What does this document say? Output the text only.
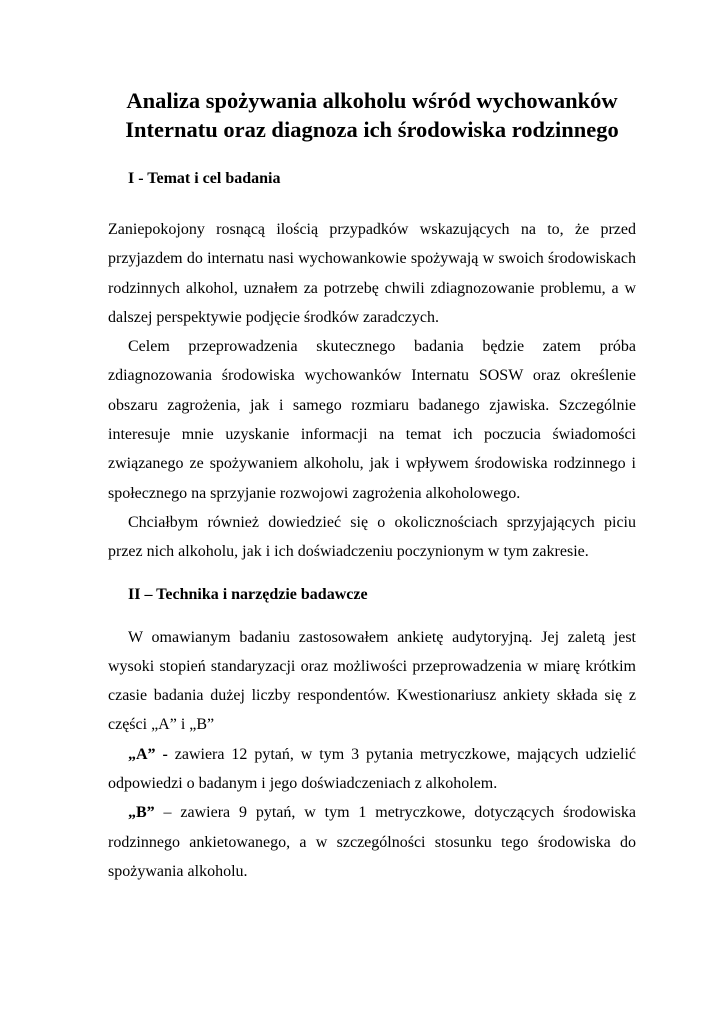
Analiza spożywania alkoholu wśród wychowanków
Internatu oraz diagnoza ich środowiska rodzinnego
I - Temat i cel badania

Zaniepokojony rosnącą ilością przypadków wskazujących na to, że przed przyjazdem do internatu nasi wychowankowie spożywają w swoich środowiskach rodzinnych alkohol, uznałem za potrzebę chwili zdiagnozowanie problemu, a w dalszej perspektywie podjęcie środków zaradczych.

Celem przeprowadzenia skutecznego badania będzie zatem próba zdiagnozowania środowiska wychowanków Internatu SOSW oraz określenie obszaru zagrożenia, jak i samego rozmiaru badanego zjawiska. Szczególnie interesuje mnie uzyskanie informacji na temat ich poczucia świadomości związanego ze spożywaniem alkoholu, jak i wpływem środowiska rodzinnego i społecznego na sprzyjanie rozwojowi zagrożenia alkoholowego.

Chciałbym również dowiedzieć się o okolicznościach sprzyjających piciu przez nich alkoholu, jak i ich doświadczeniu poczynionym w tym zakresie.

II – Technika i narzędzie badawcze

W omawianym badaniu zastosowałem ankietę audytoryjną. Jej zaletą jest wysoki stopień standaryzacji oraz możliwości przeprowadzenia w miarę krótkim czasie badania dużej liczby respondentów. Kwestionariusz ankiety składa się z części „A” i „B”

„A” - zawiera 12 pytań, w tym 3 pytania metryczkowe, mających udzielić odpowiedzi o badanym i jego doświadczeniach z alkoholem.

„B” – zawiera 9 pytań, w tym 1 metryczkowe, dotyczących środowiska rodzinnego ankietowanego, a w szczególności stosunku tego środowiska do spożywania alkoholu.
